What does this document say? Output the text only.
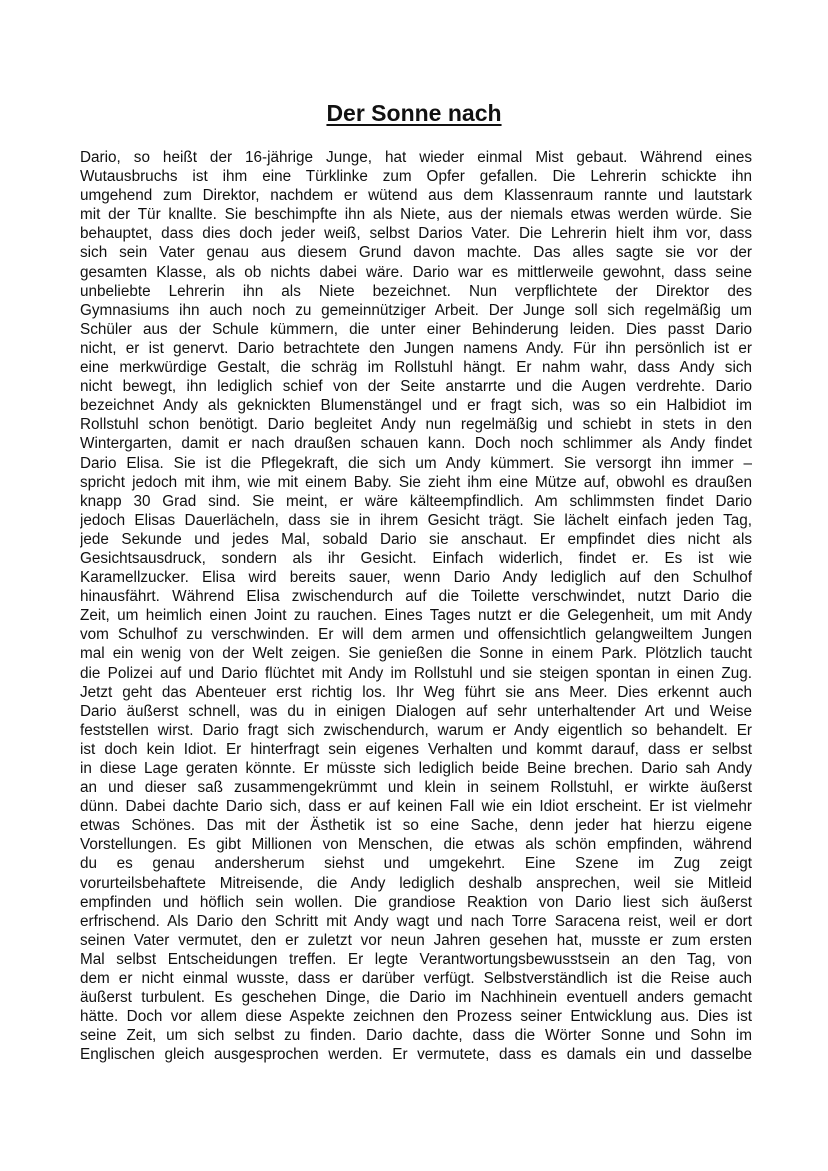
Der Sonne nach
Dario, so heißt der 16-jährige Junge, hat wieder einmal Mist gebaut. Während eines
Wutausbruchs ist ihm eine Türklinke zum Opfer gefallen. Die Lehrerin schickte ihn
umgehend zum Direktor, nachdem er wütend aus dem Klassenraum rannte und lautstark
mit der Tür knallte. Sie beschimpfte ihn als Niete, aus der niemals etwas werden würde. Sie
behauptet, dass dies doch jeder weiß, selbst Darios Vater. Die Lehrerin hielt ihm vor, dass
sich sein Vater genau aus diesem Grund davon machte. Das alles sagte sie vor der
gesamten Klasse, als ob nichts dabei wäre. Dario war es mittlerweile gewohnt, dass seine
unbeliebte Lehrerin ihn als Niete bezeichnet. Nun verpflichtete der Direktor des
Gymnasiums ihn auch noch zu gemeinnütziger Arbeit. Der Junge soll sich regelmäßig um
Schüler aus der Schule kümmern, die unter einer Behinderung leiden. Dies passt Dario
nicht, er ist genervt. Dario betrachtete den Jungen namens Andy. Für ihn persönlich ist er
eine merkwürdige Gestalt, die schräg im Rollstuhl hängt. Er nahm wahr, dass Andy sich
nicht bewegt, ihn lediglich schief von der Seite anstarrte und die Augen verdrehte. Dario
bezeichnet Andy als geknickten Blumenstängel und er fragt sich, was so ein Halbidiot im
Rollstuhl schon benötigt. Dario begleitet Andy nun regelmäßig und schiebt in stets in den
Wintergarten, damit er nach draußen schauen kann. Doch noch schlimmer als Andy findet
Dario Elisa. Sie ist die Pflegekraft, die sich um Andy kümmert. Sie versorgt ihn immer –
spricht jedoch mit ihm, wie mit einem Baby. Sie zieht ihm eine Mütze auf, obwohl es draußen
knapp 30 Grad sind. Sie meint, er wäre kälteempfindlich. Am schlimmsten findet Dario
jedoch Elisas Dauerlächeln, dass sie in ihrem Gesicht trägt. Sie lächelt einfach jeden Tag,
jede Sekunde und jedes Mal, sobald Dario sie anschaut. Er empfindet dies nicht als
Gesichtsausdruck, sondern als ihr Gesicht. Einfach widerlich, findet er. Es ist wie
Karamellzucker. Elisa wird bereits sauer, wenn Dario Andy lediglich auf den Schulhof
hinausfährt. Während Elisa zwischendurch auf die Toilette verschwindet, nutzt Dario die
Zeit, um heimlich einen Joint zu rauchen. Eines Tages nutzt er die Gelegenheit, um mit Andy
vom Schulhof zu verschwinden. Er will dem armen und offensichtlich gelangweiltem Jungen
mal ein wenig von der Welt zeigen. Sie genießen die Sonne in einem Park. Plötzlich taucht
die Polizei auf und Dario flüchtet mit Andy im Rollstuhl und sie steigen spontan in einen Zug.
Jetzt geht das Abenteuer erst richtig los. Ihr Weg führt sie ans Meer. Dies erkennt auch
Dario äußerst schnell, was du in einigen Dialogen auf sehr unterhaltender Art und Weise
feststellen wirst. Dario fragt sich zwischendurch, warum er Andy eigentlich so behandelt. Er
ist doch kein Idiot. Er hinterfragt sein eigenes Verhalten und kommt darauf, dass er selbst
in diese Lage geraten könnte. Er müsste sich lediglich beide Beine brechen. Dario sah Andy
an und dieser saß zusammengekrümmt und klein in seinem Rollstuhl, er wirkte äußerst
dünn. Dabei dachte Dario sich, dass er auf keinen Fall wie ein Idiot erscheint. Er ist vielmehr
etwas Schönes. Das mit der Ästhetik ist so eine Sache, denn jeder hat hierzu eigene
Vorstellungen. Es gibt Millionen von Menschen, die etwas als schön empfinden, während
du es genau andersherum siehst und umgekehrt. Eine Szene im Zug zeigt
vorurteilsbehaftete Mitreisende, die Andy lediglich deshalb ansprechen, weil sie Mitleid
empfinden und höflich sein wollen. Die grandiose Reaktion von Dario liest sich äußerst
erfrischend. Als Dario den Schritt mit Andy wagt und nach Torre Saracena reist, weil er dort
seinen Vater vermutet, den er zuletzt vor neun Jahren gesehen hat, musste er zum ersten
Mal selbst Entscheidungen treffen. Er legte Verantwortungsbewusstsein an den Tag, von
dem er nicht einmal wusste, dass er darüber verfügt. Selbstverständlich ist die Reise auch
äußerst turbulent. Es geschehen Dinge, die Dario im Nachhinein eventuell anders gemacht
hätte. Doch vor allem diese Aspekte zeichnen den Prozess seiner Entwicklung aus. Dies ist
seine Zeit, um sich selbst zu finden. Dario dachte, dass die Wörter Sonne und Sohn im
Englischen gleich ausgesprochen werden. Er vermutete, dass es damals ein und dasselbe
